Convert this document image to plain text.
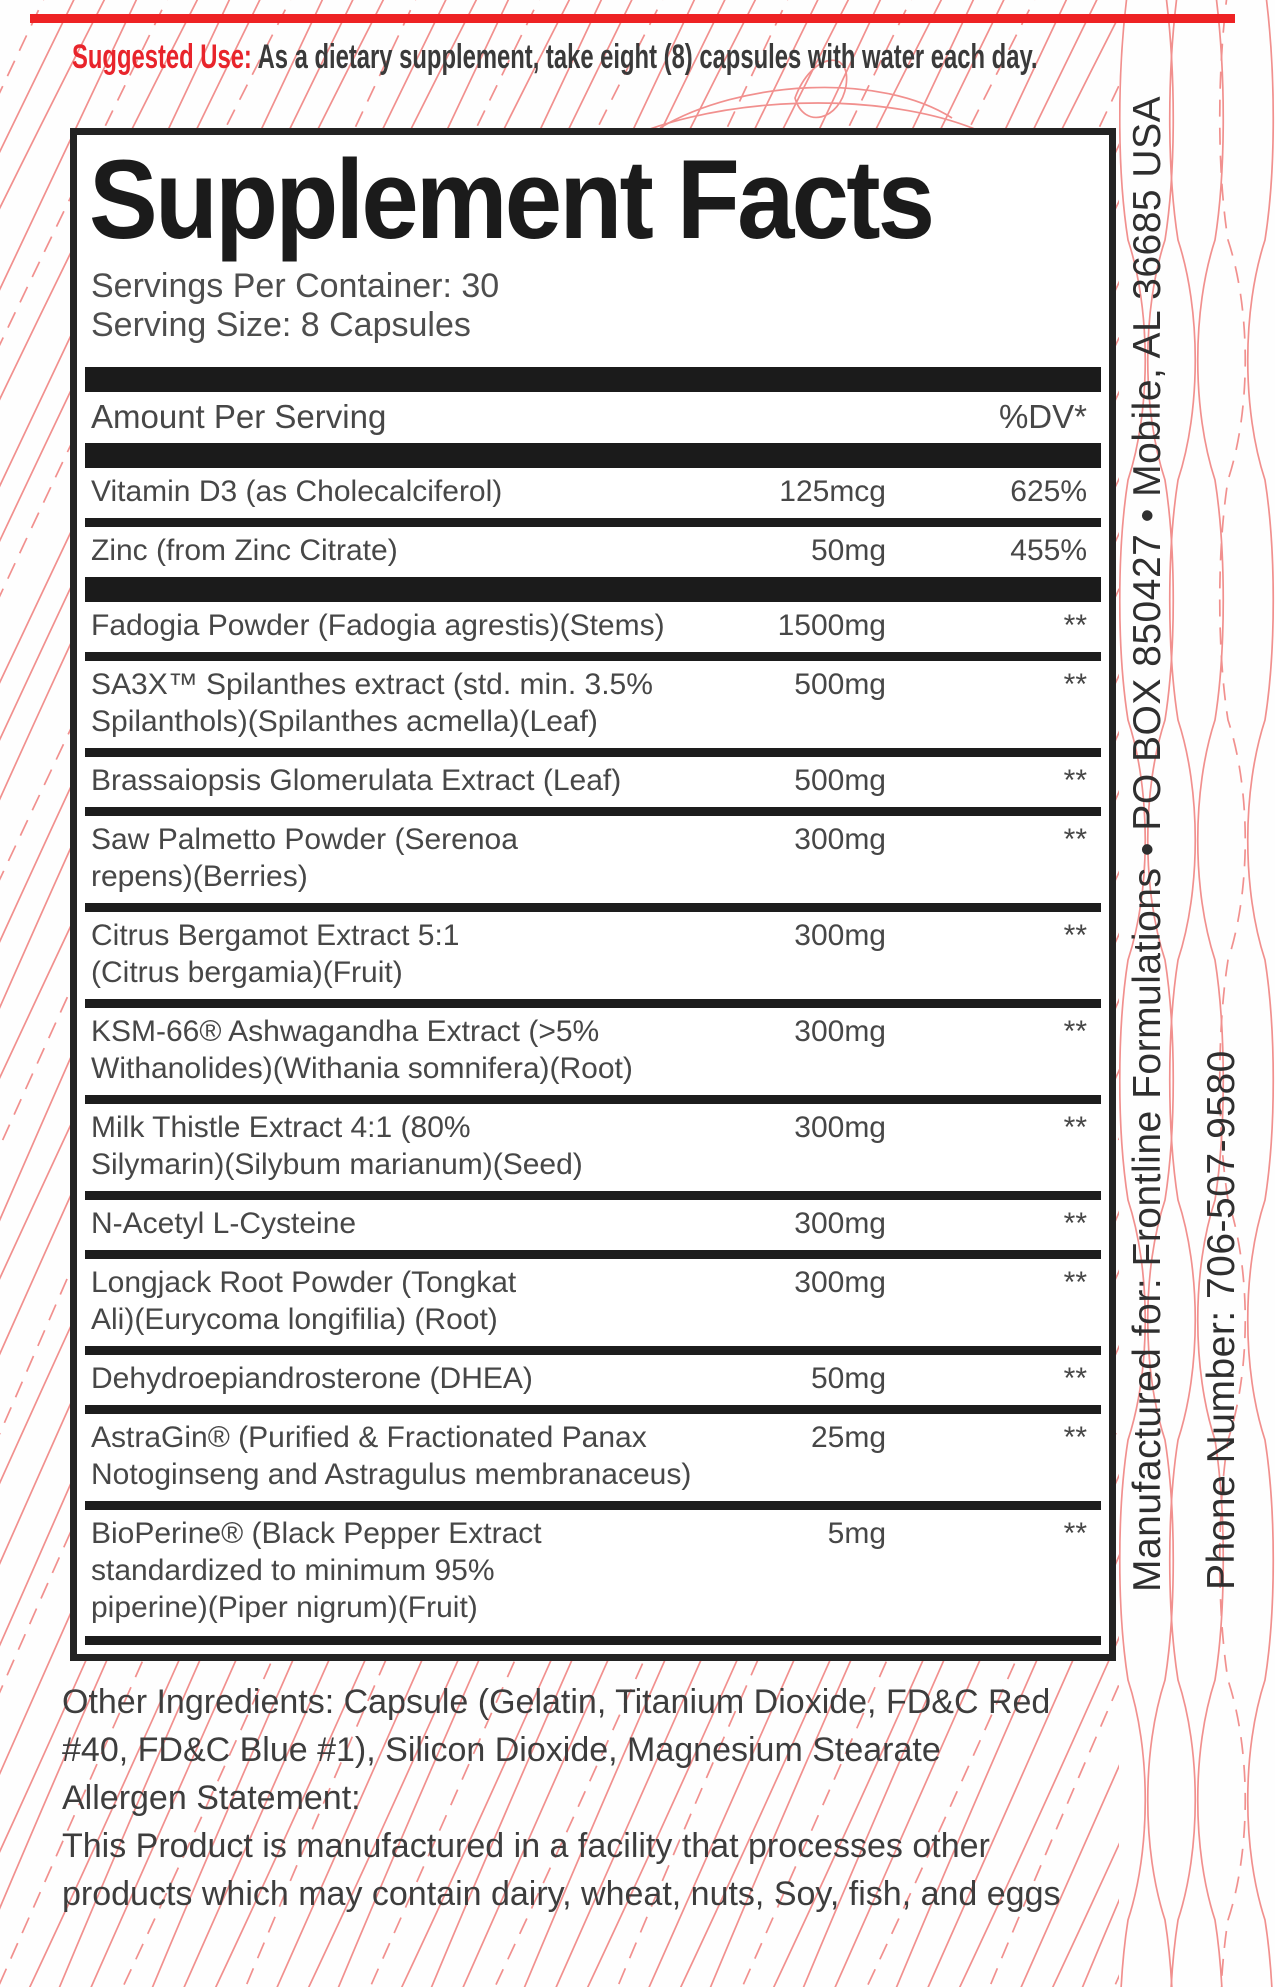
Suggested Use: As a dietary supplement, take eight (8) capsules with water each day.
Supplement Facts
Servings Per Container: 30
Serving Size: 8 Capsules
Amount Per Serving	%DV*
Vitamin D3 (as Cholecalciferol)	125mcg	625%
Zinc (from Zinc Citrate)	50mg	455%
Fadogia Powder (Fadogia agrestis)(Stems)	1500mg	**
SA3X™ Spilanthes extract (std. min. 3.5%
Spilanthols)(Spilanthes acmella)(Leaf)
500mg	**
Brassaiopsis Glomerulata Extract (Leaf)	500mg	**
Saw Palmetto Powder (Serenoa
repens)(Berries)
300mg	**
Citrus Bergamot Extract 5:1
(Citrus bergamia)(Fruit)
300mg	**
KSM-66® Ashwagandha Extract (>5%
Withanolides)(Withania somnifera)(Root)
300mg	**
Milk Thistle Extract 4:1 (80%
Silymarin)(Silybum marianum)(Seed)
300mg	**
N-Acetyl L-Cysteine	300mg	**
Longjack Root Powder (Tongkat
Ali)(Eurycoma longifilia) (Root)
300mg	**
Dehydroepiandrosterone (DHEA)	50mg	**
AstraGin® (Purified & Fractionated Panax
Notoginseng and Astragulus membranaceus)
25mg	**
BioPerine® (Black Pepper Extract
standardized to minimum 95%
piperine)(Piper nigrum)(Fruit)
5mg	**

Other Ingredients: Capsule (Gelatin, Titanium Dioxide, FD&C Red #40, FD&C Blue #1), Silicon Dioxide, Magnesium Stearate

Allergen Statement:

This Product is manufactured in a facility that processes other products which may contain dairy, wheat, nuts, Soy, fish, and eggs

Manufactured for: Frontline Formulations • PO BOX 850427 • Mobile, AL 36685 USA Phone Number: 706-507-9580
